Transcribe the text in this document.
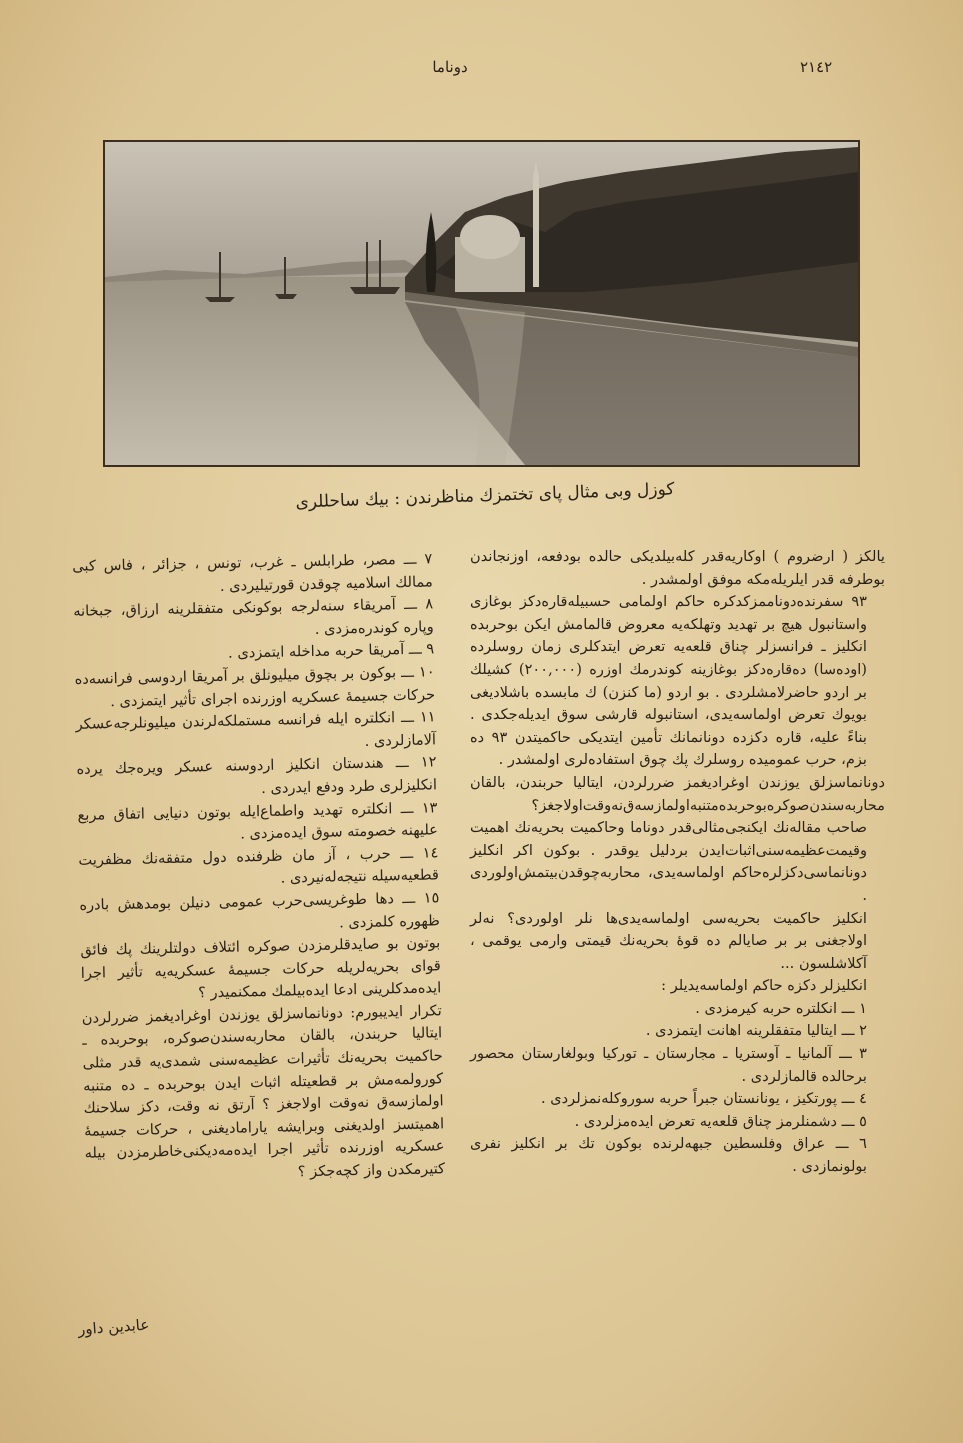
٢١٤٢
دوناما
کوزل وبی مثال پای تختمزك مناظرندن : بیك ساحللری

یالکز ( ارضروم ) اوکاریه‌قدر کله‌بیلدیکی حالده بودفعه، اوزنجاندن بوطرفه قدر ایلریله‌مکه موفق اولمشدر .

۹۳ سفرنده‌دوناممزکدکره حاکم اولمامی حسبیله‌قاره‌دکز بوغازی واستانبول هیچ بر تهدید وتهلکه‌یه معروض قالمامش ایکن بوحربده انکلیز ـ فرانسزلر چناق قلعه‌یه تعرض ایتدکلری زمان روسلرده (اوده‌سا) ده‌قاره‌دکز بوغازینه کوندرمك اوزره (۲۰۰,۰۰۰) کشیلك بر اردو حاضرلامشلردی . بو اردو (ما کنزن) ك مابسده باشلادیغی بویوك تعرض اولماسه‌یدی، استانبوله قارشی سوق ایدیله‌جکدی . بناءً علیه، قاره دکزده دونانمانك تأمین ایتدیکی حاکمیتدن ۹۳ ده بزم، حرب عمومیده روسلرك پك چوق استفاده‌لری اولمشدر .

دونانماسزلق یوزندن اوغرادیغمز ضررلردن، ایتالیا حربندن، بالقان محاربه‌سندن‌صوکره‌بوحربده‌متنبه‌اولمازسه‌ق‌نه‌وقت‌اولاجغز؟

صاحب مقاله‌نك ایکنجی‌مثالی‌قدر دوناما وحاکمیت بحریه‌نك اهمیت وقیمت‌عظیمه‌سنی‌اثبات‌ایدن بردلیل یوقدر . بوکون اکر انکلیز دونانماسی‌دکزلره‌حاکم اولماسه‌یدی، محاربه‌چوقدن‌بیتمش‌اولوردی .

انکلیز حاکمیت بحریه‌سی اولماسه‌یدی‌ها نلر اولوردی؟ نه‌لر اولاجغنی بر بر صایالم ده قوهٔ بحریه‌نك قیمتی وارمی یوقمی ، آکلاشلسون ...

انکلیزلر دکزه حاکم اولماسه‌یدیلر :

۱ ـــ انکلتره حربه کیرمزدی .

۲ ـــ ایتالیا متفقلرینه اهانت ایتمزدی .

۳ ـــ آلمانیا ـ آوستریا ـ مجارستان ـ تورکیا وبولغارستان محصور برحالده قالمازلردی .

٤ ـــ پورتکیز ، یونانستان جبراً حربه سوروکله‌نمزلردی .

٥ ـــ دشمنلرمز چناق قلعه‌یه تعرض ایده‌مزلردی .

٦ ـــ عراق وفلسطین جبهه‌لرنده بوکون تك بر انکلیز نفری بولونمازدی .

۷ ـــ مصر، طرابلس ـ غرب، تونس ، جزائر ، فاس کبی ممالك اسلامیه چوقدن قورتیلیردی .

۸ ـــ آمریقاء سنه‌لرجه بوکونکی متفقلرینه ارزاق، جبخانه وپاره کوندره‌مزدی .

۹ ـــ آمریقا حربه مداخله ایتمزدی .

۱۰ ـــ بوکون بر بچوق میلیونلق بر آمریقا اردوسی فرانسه‌ده حرکات جسیمهٔ عسکریه اوزرنده اجرای تأثیر ایتمزدی .

۱۱ ـــ انکلتره ایله فرانسه مستملکه‌لرندن میلیونلرجه‌عسکر آلامازلردی .

۱۲ ـــ هندستان انکلیز اردوسنه عسکر ویره‌جك یرده انکلیزلری طرد ودفع ایدردی .

۱۳ ـــ انکلتره تهدید واطماع‌ایله بوتون دنیایی اتفاق مربع علیهنه خصومته سوق ایده‌مزدی .

۱٤ ـــ حرب ، آز مان ظرفنده دول متفقه‌نك مظفریت قطعیه‌سیله نتیجه‌له‌نیردی .

۱٥ ـــ دها طوغریسی‌حرب عمومی دنیلن بومدهش بادره ظهوره کلمزدی .

بوتون بو صایدقلرمزدن صوکره ائتلاف دولتلرینك پك فائق قوای بحریه‌لریله حرکات جسیمهٔ عسکریه‌یه تأثیر اجرا ایده‌مدکلرینی ادعا ایده‌بیلمك ممکنمیدر ؟

تکرار ایدیبورم: دونانماسزلق یوزندن اوغرادیغمز ضررلردن ایتالیا حربندن، بالقان محاربه‌سندن‌صوکره، بوحربده ـ حاکمیت بحریه‌نك تأثیرات عظیمه‌سنی شمدی‌یه قدر مثلی کورولمه‌مش بر قطعیتله اثبات ایدن بوحربده ـ ده متنبه اولمازسه‌ق نه‌وقت اولاجغز ؟ آرتق نه وقت، دکز سلاحنك اهمیتسز اولدیغنی وبرایشه یارامادیغنی ، حرکات جسیمهٔ عسکریه اوزرنده تأثیر اجرا ایده‌مه‌دیکنی‌خاطرمزدن بیله کتیرمکدن واز کچه‌جکز ؟

عابدین داور
